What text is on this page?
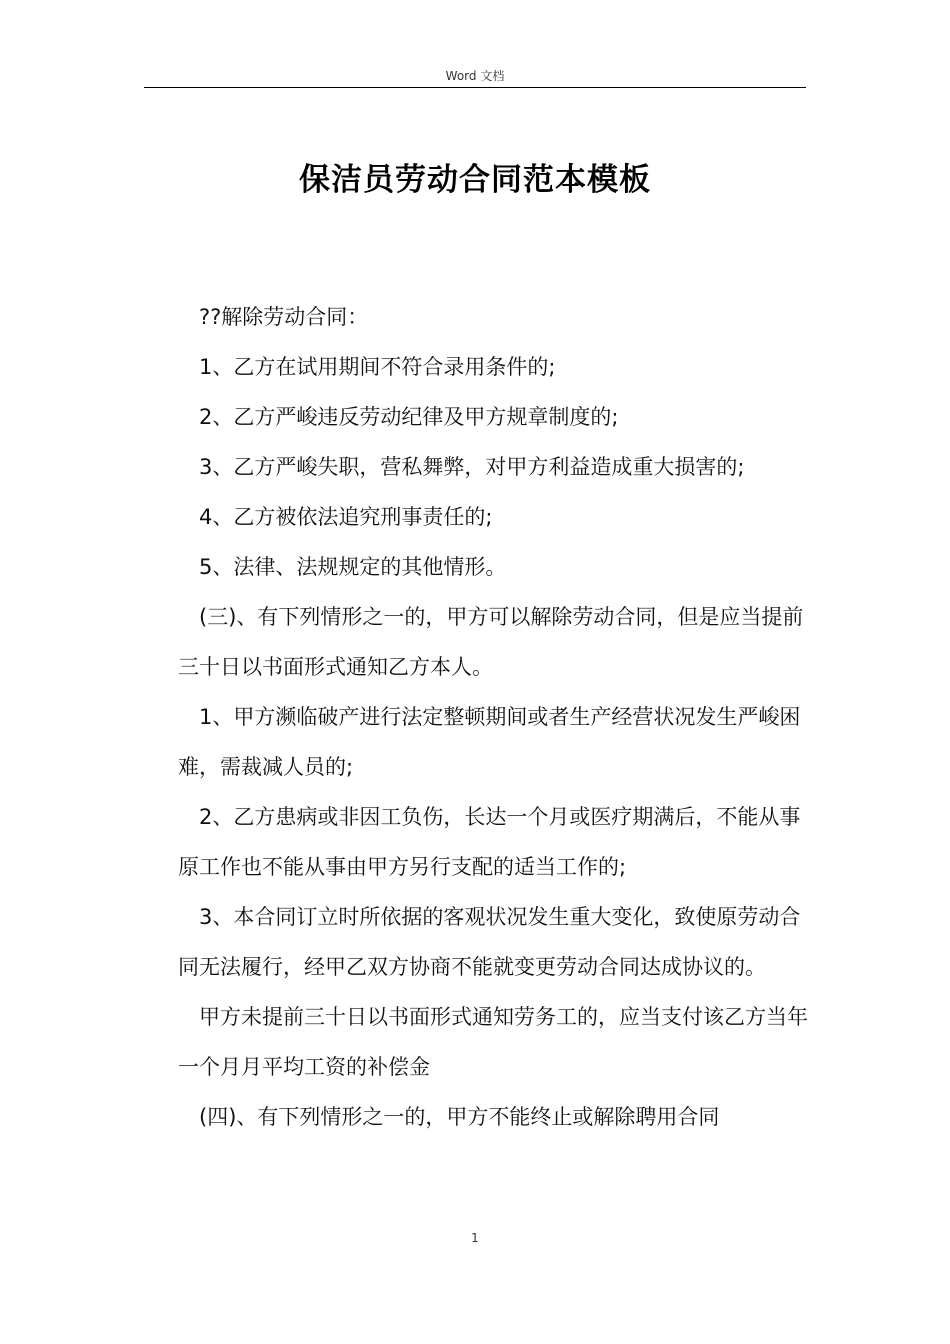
Word 文档
保洁员劳动合同范本模板

??解除劳动合同：

1、乙方在试用期间不符合录用条件的;

2、乙方严峻违反劳动纪律及甲方规章制度的;

3、乙方严峻失职，营私舞弊，对甲方利益造成重大损害的;

4、乙方被依法追究刑事责任的;

5、法律、法规规定的其他情形。

(三)、有下列情形之一的，甲方可以解除劳动合同，但是应当提前三十日以书面形式通知乙方本人。

1、甲方濒临破产进行法定整顿期间或者生产经营状况发生严峻困难，需裁减人员的;

2、乙方患病或非因工负伤，长达一个月或医疗期满后，不能从事原工作也不能从事由甲方另行支配的适当工作的;

3、本合同订立时所依据的客观状况发生重大变化，致使原劳动合同无法履行，经甲乙双方协商不能就变更劳动合同达成协议的。

甲方未提前三十日以书面形式通知劳务工的，应当支付该乙方当年一个月月平均工资的补偿金

(四)、有下列情形之一的，甲方不能终止或解除聘用合同

1
